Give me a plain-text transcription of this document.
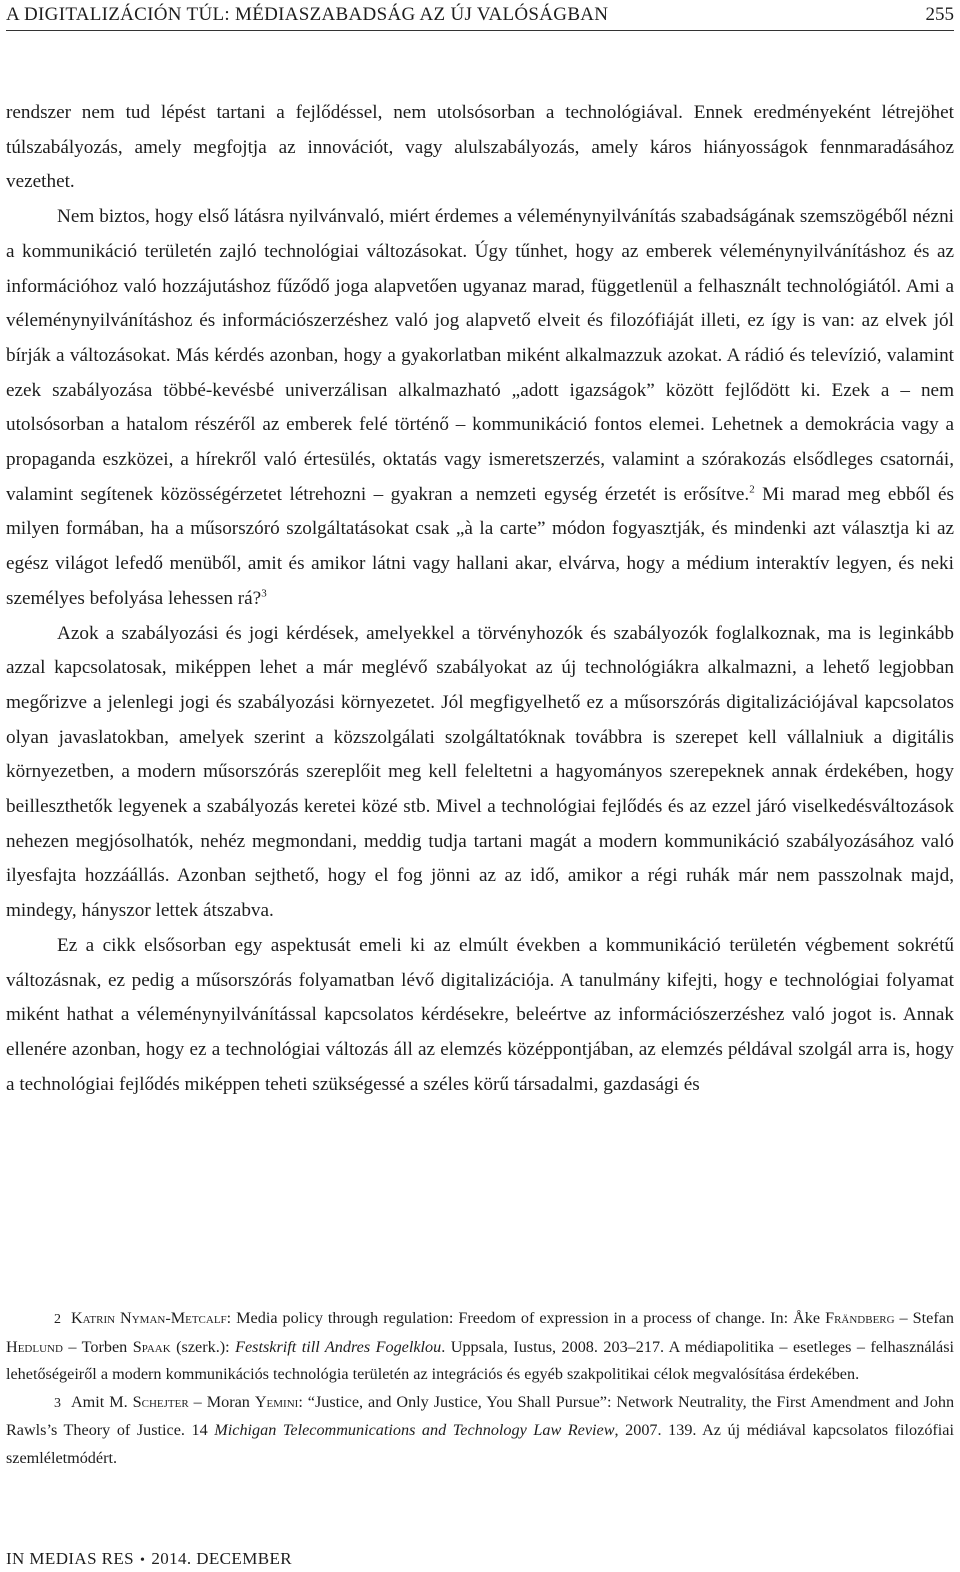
A DIGITALIZÁCIÓN TÚL: MÉDIASZABADSÁG AZ ÚJ VALÓSÁGBAN	255

rendszer nem tud lépést tartani a fejlődéssel, nem utolsósorban a technológiával. Ennek eredményeként létrejöhet túlszabályozás, amely megfojtja az innovációt, vagy alulszabályozás, amely káros hiányosságok fennmaradásához vezethet.

Nem biztos, hogy első látásra nyilvánvaló, miért érdemes a véleménynyilvánítás szabadságának szemszögéből nézni a kommunikáció területén zajló technológiai változásokat. Úgy tűnhet, hogy az emberek véleménynyilvánításhoz és az információhoz való hozzájutáshoz fűződő joga alapvetően ugyanaz marad, függetlenül a felhasznált technológiától. Ami a véleménynyilvánításhoz és információszerzéshez való jog alapvető elveit és filozófiáját illeti, ez így is van: az elvek jól bírják a változásokat. Más kérdés azonban, hogy a gyakorlatban miként alkalmazzuk azokat. A rádió és televízió, valamint ezek szabályozása többé-kevésbé univerzálisan alkalmazható „adott igazságok” között fejlődött ki. Ezek a – nem utolsósorban a hatalom részéről az emberek felé történő – kommunikáció fontos elemei. Lehetnek a demokrácia vagy a propaganda eszközei, a hírekről való értesülés, oktatás vagy ismeretszerzés, valamint a szórakozás elsődleges csatornái, valamint segítenek közösségérzetet létrehozni – gyakran a nemzeti egység érzetét is erősítve.$^2$ Mi marad meg ebből és milyen formában, ha a műsorszóró szolgáltatásokat csak „à la carte” módon fogyasztják, és mindenki azt választja ki az egész világot lefedő menüből, amit és amikor látni vagy hallani akar, elvárva, hogy a médium interaktív legyen, és neki személyes befolyása lehessen rá?$^3$

Azok a szabályozási és jogi kérdések, amelyekkel a törvényhozók és szabályozók foglalkoznak, ma is leginkább azzal kapcsolatosak, miképpen lehet a már meglévő szabályokat az új technológiákra alkalmazni, a lehető legjobban megőrizve a jelenlegi jogi és szabályozási környezetet. Jól megfigyelhető ez a műsorszórás digitalizációjával kapcsolatos olyan javaslatokban, amelyek szerint a közszolgálati szolgáltatóknak továbbra is szerepet kell vállalniuk a digitális környezetben, a modern műsorszórás szereplőit meg kell feleltetni a hagyományos szerepeknek annak érdekében, hogy beilleszthetők legyenek a szabályozás keretei közé stb. Mivel a technológiai fejlődés és az ezzel járó viselkedésváltozások nehezen megjósolhatók, nehéz megmondani, meddig tudja tartani magát a modern kommunikáció szabályozásához való ilyesfajta hozzáállás. Azonban sejthető, hogy el fog jönni az az idő, amikor a régi ruhák már nem passzolnak majd, mindegy, hányszor lettek átszabva.

Ez a cikk elsősorban egy aspektusát emeli ki az elmúlt években a kommunikáció területén végbement sokrétű változásnak, ez pedig a műsorszórás folyamatban lévő digitalizációja. A tanulmány kifejti, hogy e technológiai folyamat miként hathat a véleménynyilvánítással kapcsolatos kérdésekre, beleértve az információszerzéshez való jogot is. Annak ellenére azonban, hogy ez a technológiai változás áll az elemzés középpontjában, az elemzés példával szolgál arra is, hogy a technológiai fejlődés miképpen teheti szükségessé a széles körű társadalmi, gazdasági és

2 Katrin Nyman-Metcalf: Media policy through regulation: Freedom of expression in a process of change. In: Åke Frändberg – Stefan Hedlund – Torben Spaak (szerk.): Festskrift till Andres Fogelklou. Uppsala, Iustus, 2008. 203–217. A médiapolitika – esetleges – felhasználási lehetőségeiről a modern kommunikációs technológia területén az integrációs és egyéb szakpolitikai célok megvalósítása érdekében.

3 Amit M. Schejter – Moran Yemini: “Justice, and Only Justice, You Shall Pursue”: Network Neutrality, the First Amendment and John Rawls’s Theory of Justice. 14 Michigan Telecommunications and Technology Law Review, 2007. 139. Az új médiával kapcsolatos filozófiai szemléletmódért.

IN MEDIAS RES • 2014. DECEMBER
